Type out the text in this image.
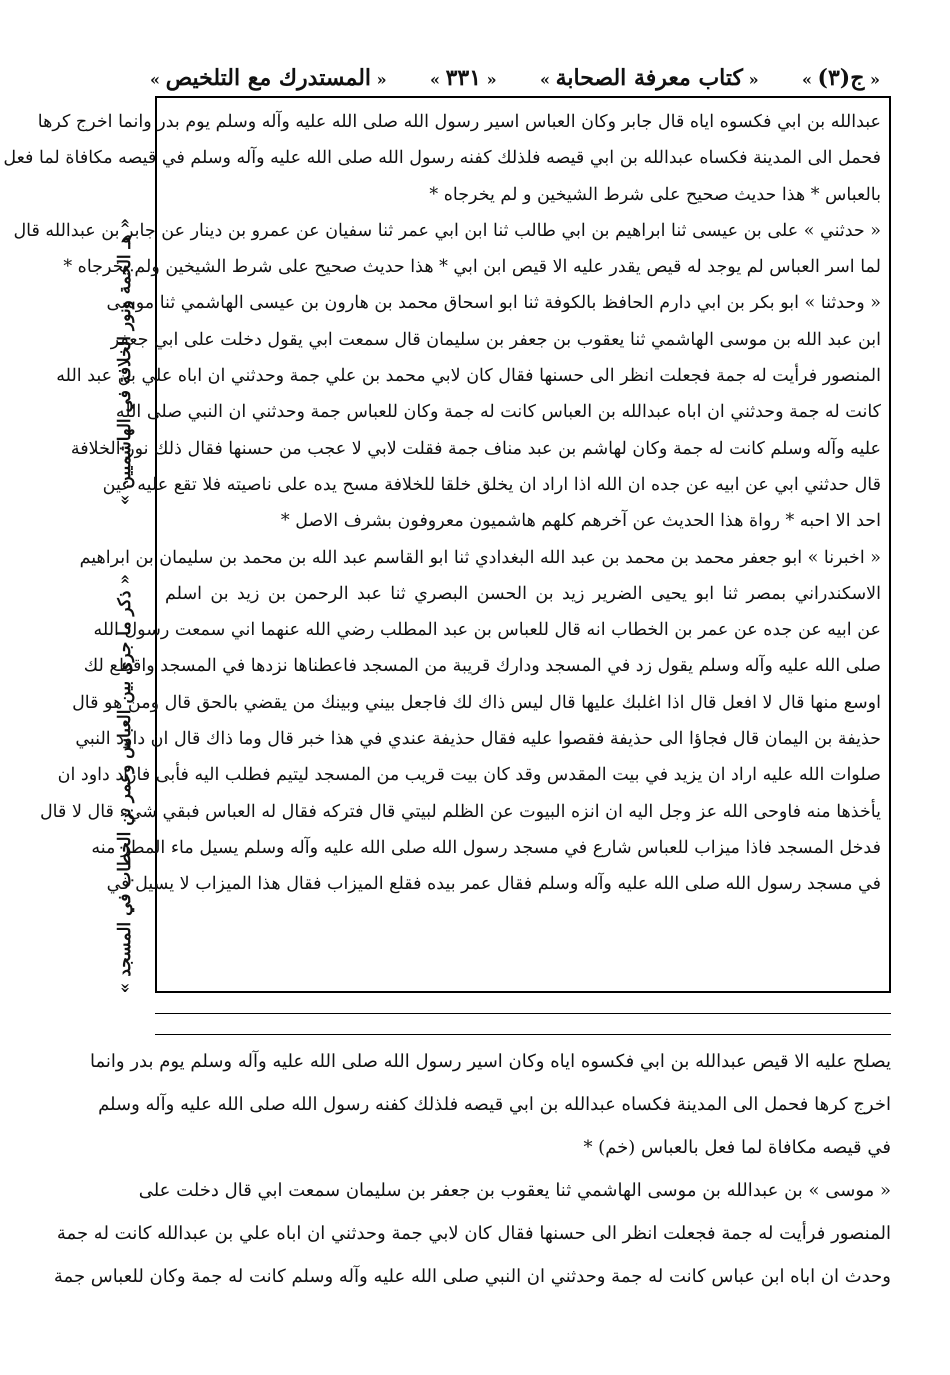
« المستدرك مع التلخيص »	« ٣٣١ »	« كتاب معرفة الصحابة »	« ج(٣) »
« هـ الجمة ونور الخلافة في الهاشميين »
« ذكر ما جرى بين العباس وعمر بن الخطاب في المسجد »

عبدالله بن ابي فكسوه اياه قال جابر وكان العباس اسير رسول الله صلى الله عليه وآله وسلم يوم بدر وانما اخرج كرها

فحمل الى المدينة فكساه عبدالله بن ابي قيصه فلذلك كفنه رسول الله صلى الله عليه وآله وسلم في قيصه مكافاة لما فعل

بالعباس * هذا حديث صحيح على شرط الشيخين و لم يخرجاه *

« حدثني » على بن عيسى ثنا ابراهيم بن ابي طالب ثنا ابن ابي عمر ثنا سفيان عن عمرو بن دينار عن جابر بن عبدالله قال

لما اسر العباس لم يوجد له قيص يقدر عليه الا قيص ابن ابي * هذا حديث صحيح على شرط الشيخين ولم يخرجاه *

« وحدثنا » ابو بكر بن ابي دارم الحافظ بالكوفة ثنا ابو اسحاق محمد بن هارون بن عيسى الهاشمي ثنا موسى

ابن عبد الله بن موسى الهاشمي ثنا يعقوب بن جعفر بن سليمان قال سمعت ابي يقول دخلت على ابي جعفر

المنصور فرأيت له جمة فجعلت انظر الى حسنها فقال كان لابي محمد بن علي جمة وحدثني ان اباه علي بن عبد الله

كانت له جمة وحدثني ان اباه عبدالله بن العباس كانت له جمة وكان للعباس جمة وحدثني ان النبي صلى الله

عليه وآله وسلم كانت له جمة وكان لهاشم بن عبد مناف جمة فقلت لابي لا عجب من حسنها فقال ذلك نور الخلافة

قال حدثني ابي عن ابيه عن جده ان الله اذا اراد ان يخلق خلقا للخلافة مسح يده على ناصيته فلا تقع عليه عين

احد الا احبه * رواة هذا الحديث عن آخرهم كلهم هاشميون معروفون بشرف الاصل *

« اخبرنا » ابو جعفر محمد بن محمد بن عبد الله البغدادي ثنا ابو القاسم عبد الله بن محمد بن سليمان بن ابراهيم

الاسكندراني بمصر ثنا ابو يحيى الضرير زيد بن الحسن البصري ثنا عبد الرحمن بن زيد بن اسلم

عن ابيه عن جده عن عمر بن الخطاب انه قال للعباس بن عبد المطلب رضي الله عنهما اني سمعت رسول الله

صلى الله عليه وآله وسلم يقول زد في المسجد ودارك قريبة من المسجد فاعطناها نزدها في المسجد واقطع لك

اوسع منها قال لا افعل قال اذا اغلبك عليها قال ليس ذاك لك فاجعل بيني وبينك من يقضي بالحق قال ومن هو قال

حذيفة بن اليمان قال فجاؤا الى حذيفة فقصوا عليه فقال حذيفة عندي في هذا خبر قال وما ذاك قال ان داود النبي

صلوات الله عليه اراد ان يزيد في بيت المقدس وقد كان بيت قريب من المسجد ليتيم فطلب اليه فأبى فاراد داود ان

يأخذها منه فاوحى الله عز وجل اليه ان انزه البيوت عن الظلم لبيتي قال فتركه فقال له العباس فبقي شيء قال لا قال

فدخل المسجد فاذا ميزاب للعباس شارع في مسجد رسول الله صلى الله عليه وآله وسلم يسيل ماء المطر منه

في مسجد رسول الله صلى الله عليه وآله وسلم فقال عمر بيده فقلع الميزاب فقال هذا الميزاب لا يسيل في

يصلح عليه الا قيص عبدالله بن ابي فكسوه اياه وكان اسير رسول الله صلى الله عليه وآله وسلم يوم بدر وانما

اخرج كرها فحمل الى المدينة فكساه عبدالله بن ابي قيصه فلذلك كفنه رسول الله صلى الله عليه وآله وسلم

في قيصه مكافاة لما فعل بالعباس (خم) *

« موسى » بن عبدالله بن موسى الهاشمي ثنا يعقوب بن جعفر بن سليمان سمعت ابي قال دخلت على

المنصور فرأيت له جمة فجعلت انظر الى حسنها فقال كان لابي جمة وحدثني ان اباه علي بن عبدالله كانت له جمة

وحدث ان اباه ابن عباس كانت له جمة وحدثني ان النبي صلى الله عليه وآله وسلم كانت له جمة وكان للعباس جمة
